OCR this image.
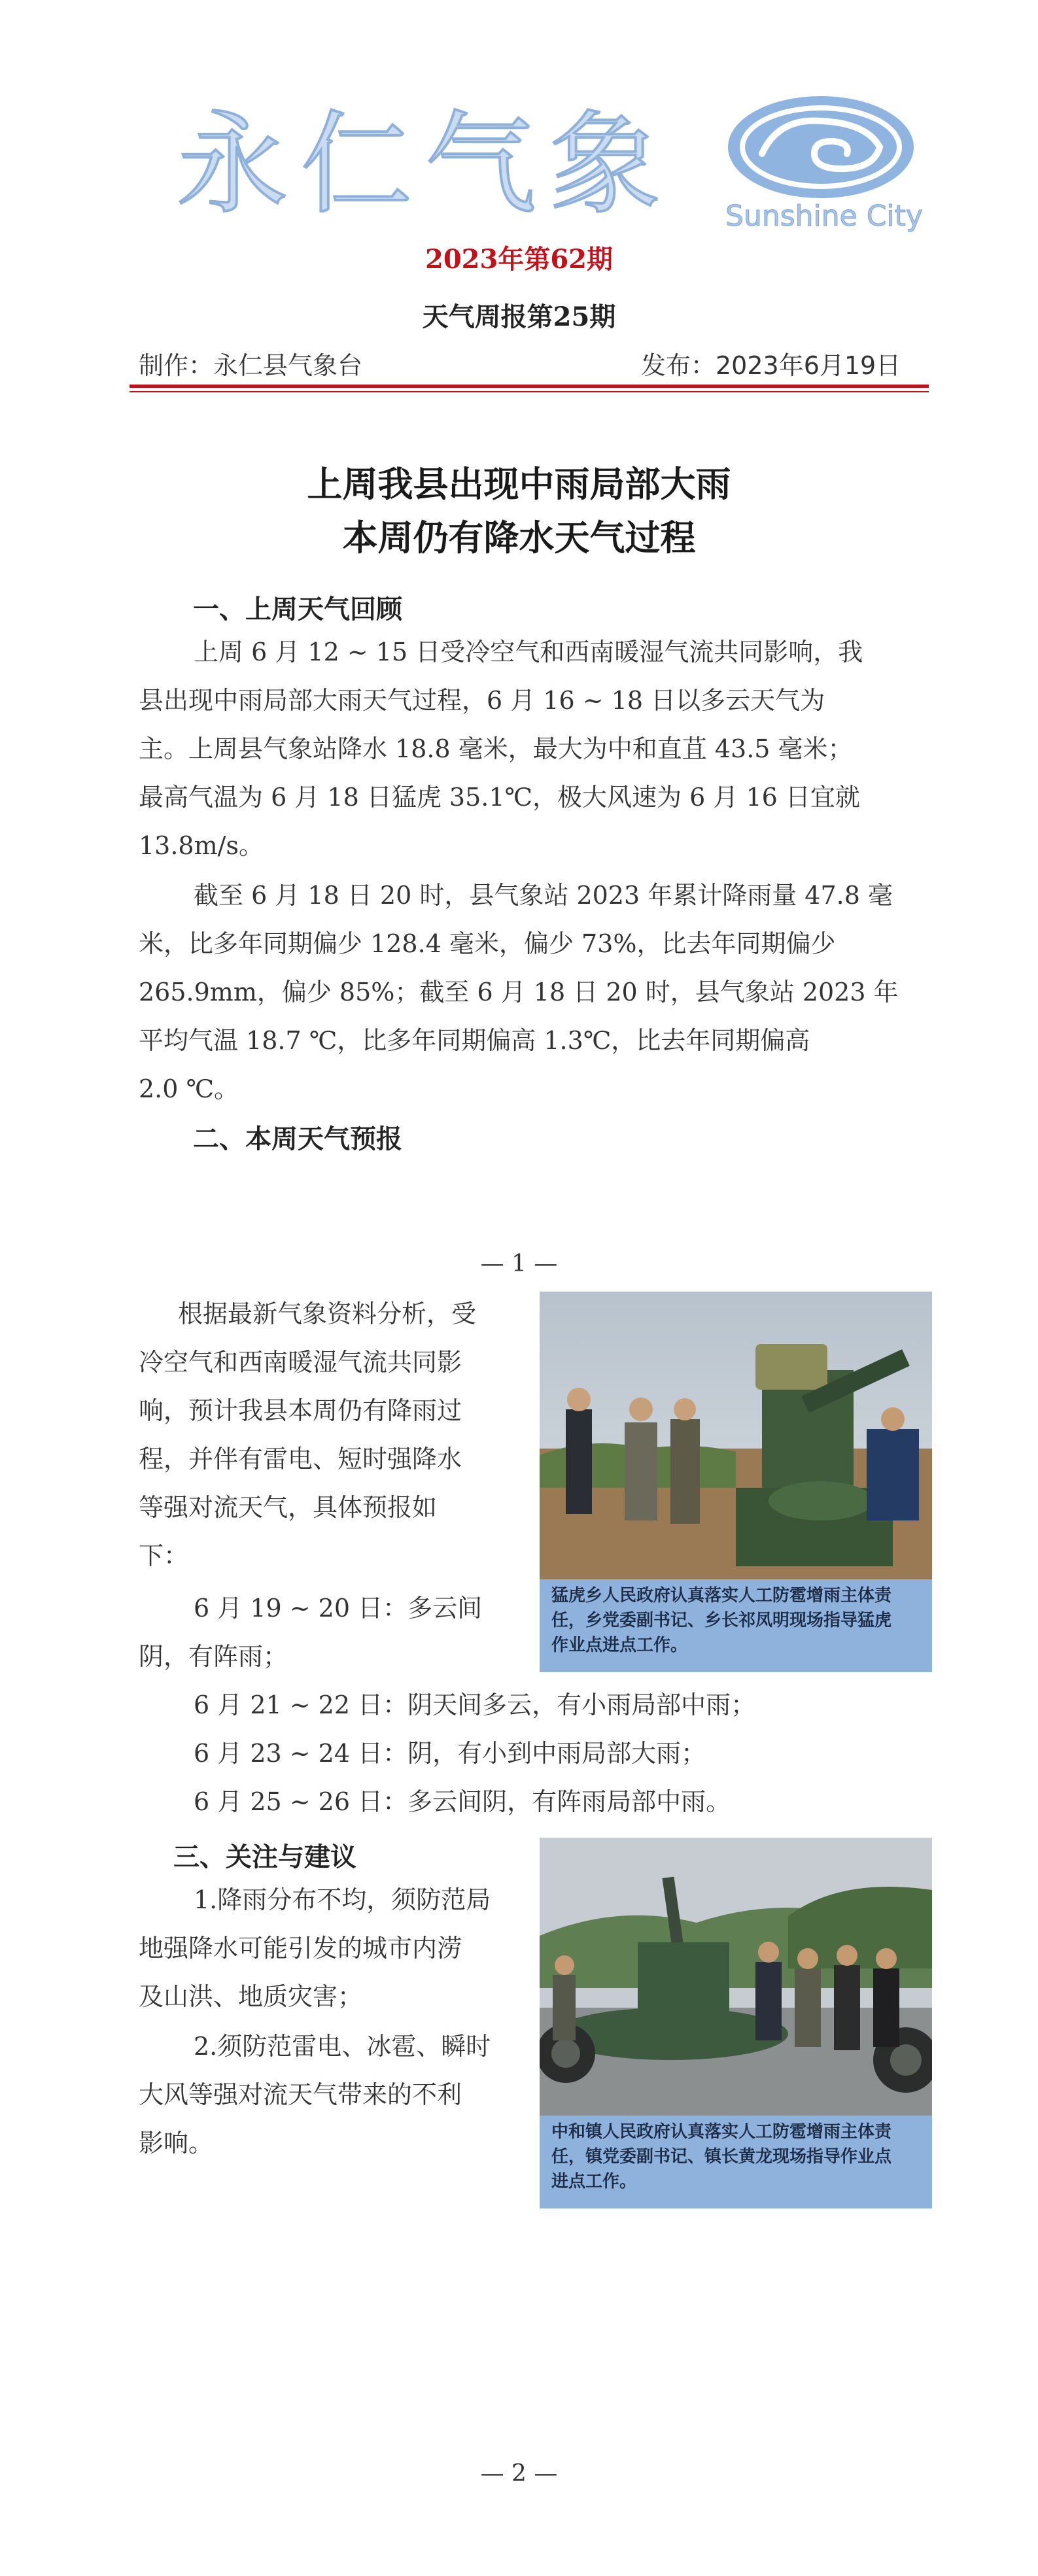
永仁气象 Sunshine City
2023年第62期
天气周报第25期
制作：永仁县气象台	发布：2023年6月19日
上周我县出现中雨局部大雨
本周仍有降水天气过程
一、上周天气回顾
上周 6 月 12 ~ 15 日受冷空气和西南暖湿气流共同影响，我
县出现中雨局部大雨天气过程，6 月 16 ~ 18 日以多云天气为
主。上周县气象站降水 18.8 毫米，最大为中和直苴 43.5 毫米；
最高气温为 6 月 18 日猛虎 35.1℃，极大风速为 6 月 16 日宜就
13.8m/s。
截至 6 月 18 日 20 时，县气象站 2023 年累计降雨量 47.8 毫
米，比多年同期偏少 128.4 毫米，偏少 73%，比去年同期偏少
265.9mm，偏少 85%；截至 6 月 18 日 20 时，县气象站 2023 年
平均气温 18.7 ℃，比多年同期偏高 1.3℃，比去年同期偏高
2.0 ℃。
二、本周天气预报
— 1 —
根据最新气象资料分析，受
冷空气和西南暖湿气流共同影
响，预计我县本周仍有降雨过
程，并伴有雷电、短时强降水
等强对流天气，具体预报如
下：
6 月 19 ~ 20 日：多云间
阴，有阵雨；
6 月 21 ~ 22 日：阴天间多云，有小雨局部中雨；
6 月 23 ~ 24 日：阴，有小到中雨局部大雨；
6 月 25 ~ 26 日：多云间阴，有阵雨局部中雨。
猛虎乡人民政府认真落实人工防雹增雨主体责
任，乡党委副书记、乡长祁凤明现场指导猛虎
作业点进点工作。
三、关注与建议
1.降雨分布不均，须防范局
地强降水可能引发的城市内涝
及山洪、地质灾害；
2.须防范雷电、冰雹、瞬时
大风等强对流天气带来的不利
影响。	中和镇人民政府认真落实人工防雹增雨主体责
任，镇党委副书记、镇长黄龙现场指导作业点
进点工作。
— 2 —
